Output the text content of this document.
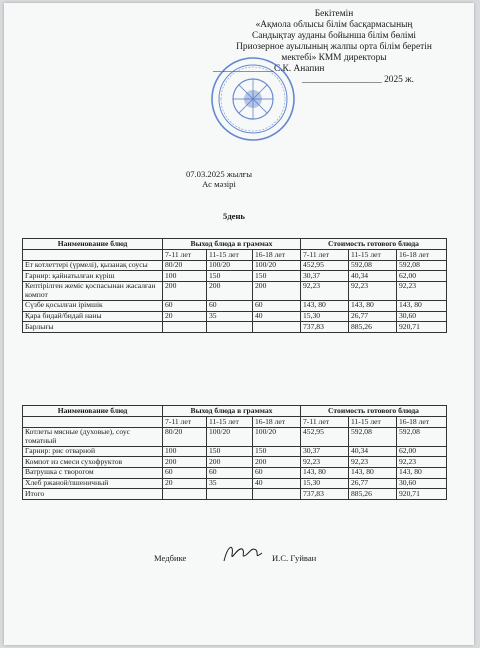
Бекітемін
«Ақмола облысы білім басқармасының
Сандықтау ауданы бойынша білім бөлімі
Приозерное ауылының жалпы орта білім беретін
мектебі» КММ директоры
_____________С.К. Анапин
_________________ 2025 ж.
07.03.2025 жылғы
Ас мәзірі
5день
Наименование блюд	Выход блюда в граммах			Стоимость готового блюда		
	7-11 лет	11-15 лет	16-18 лет	7-11 лет	11-15 лет	16-18 лет
Ет котлеттері (үрмелі), қызанақ соусы	80/20	100/20	100/20	452,95	592,08	592,08
Гарнир: қайнатылған күріш	100	150	150	30,37	40,34	62,00
Кептірілген жеміс қоспасынан жасалған компот	200	200	200	92,23	92,23	92,23
Сүзбе қосылған ірімшік	60	60	60	143, 80	143, 80	143, 80
Қара бидай/бидай наны	20	35	40	15,30	26,77	30,60
Барлығы				737,83	885,26	920,71
Наименование блюд	Выход блюда в граммах			Стоимость готового блюда		
	7-11 лет	11-15 лет	16-18 лет	7-11 лет	11-15 лет	16-18 лет
Котлеты мясные (духовые), соус томатный	80/20	100/20	100/20	452,95	592,08	592,08
Гарнир: рис отварной	100	150	150	30,37	40,34	62,00
Компот из смеси сухофруктов	200	200	200	92,23	92,23	92,23
Ватрушка с творогом	60	60	60	143, 80	143, 80	143, 80
Хлеб ржаной/пшеничный	20	35	40	15,30	26,77	30,60
Итого				737,83	885,26	920,71
Медбике	И.С. Гуйван
